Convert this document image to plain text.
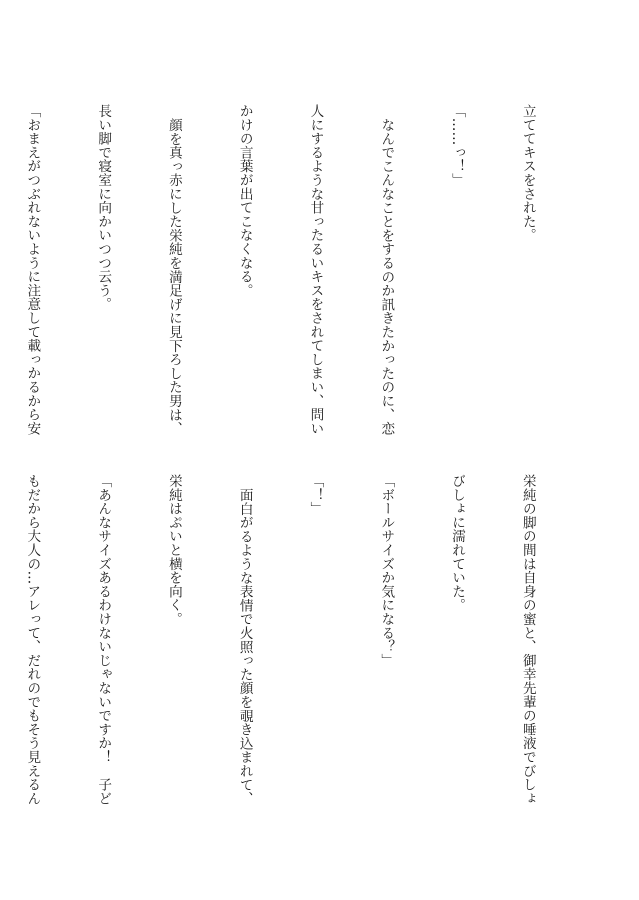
立ててキスをされた。

「……っ！」

なんでこんなことをするのか訊きたかったのに、恋

人にするような甘ったるいキスをされてしまい、問い

かけの言葉が出てこなくなる。

顔を真っ赤にした栄純を満足げに見下ろした男は、

長い脚で寝室に向かいつつ云う。

「おまえがつぶれないように注意して載っかるから安

栄純の脚の間は自身の蜜と、御幸先輩の唾液でびしょ

びしょに濡れていた。

「ボールサイズか気になる？」

「！」

面白がるような表情で火照った顔を覗き込まれて、

栄純はぷいと横を向く。

「あんなサイズあるわけないじゃないですか！　子ど

もだから大人の…アレって、だれのでもそう見えるん
